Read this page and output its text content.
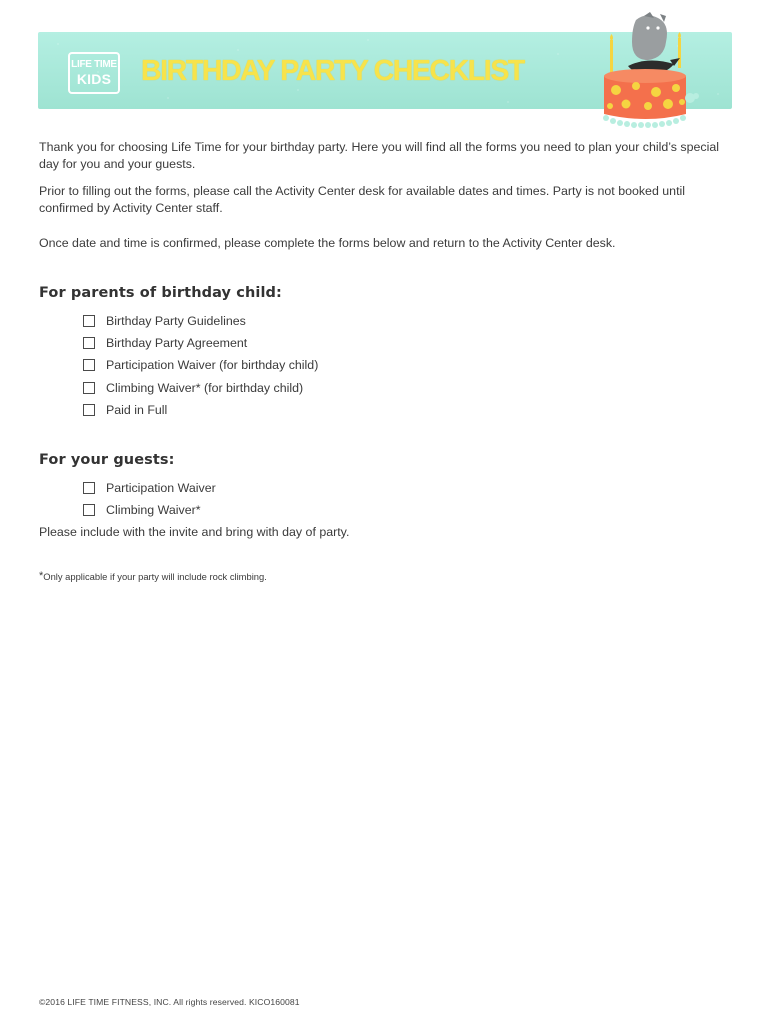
LIFE TIME
KIDS BIRTHDAY PARTY CHECKLIST

Thank you for choosing Life Time for your birthday party. Here you will find all the forms you need to plan your child’s special day for you and your guests.

Prior to filling out the forms, please call the Activity Center desk for available dates and times. Party is not booked until confirmed by Activity Center staff.

Once date and time is confirmed, please complete the forms below and return to the Activity Center desk.

For parents of birthday child:
Birthday Party Guidelines
Birthday Party Agreement
Participation Waiver (for birthday child)
Climbing Waiver* (for birthday child)
Paid in Full
For your guests:
Participation Waiver
Climbing Waiver*

Please include with the invite and bring with day of party.

*Only applicable if your party will include rock climbing.
©2016 LIFE TIME FITNESS, INC. All rights reserved. KICO160081
